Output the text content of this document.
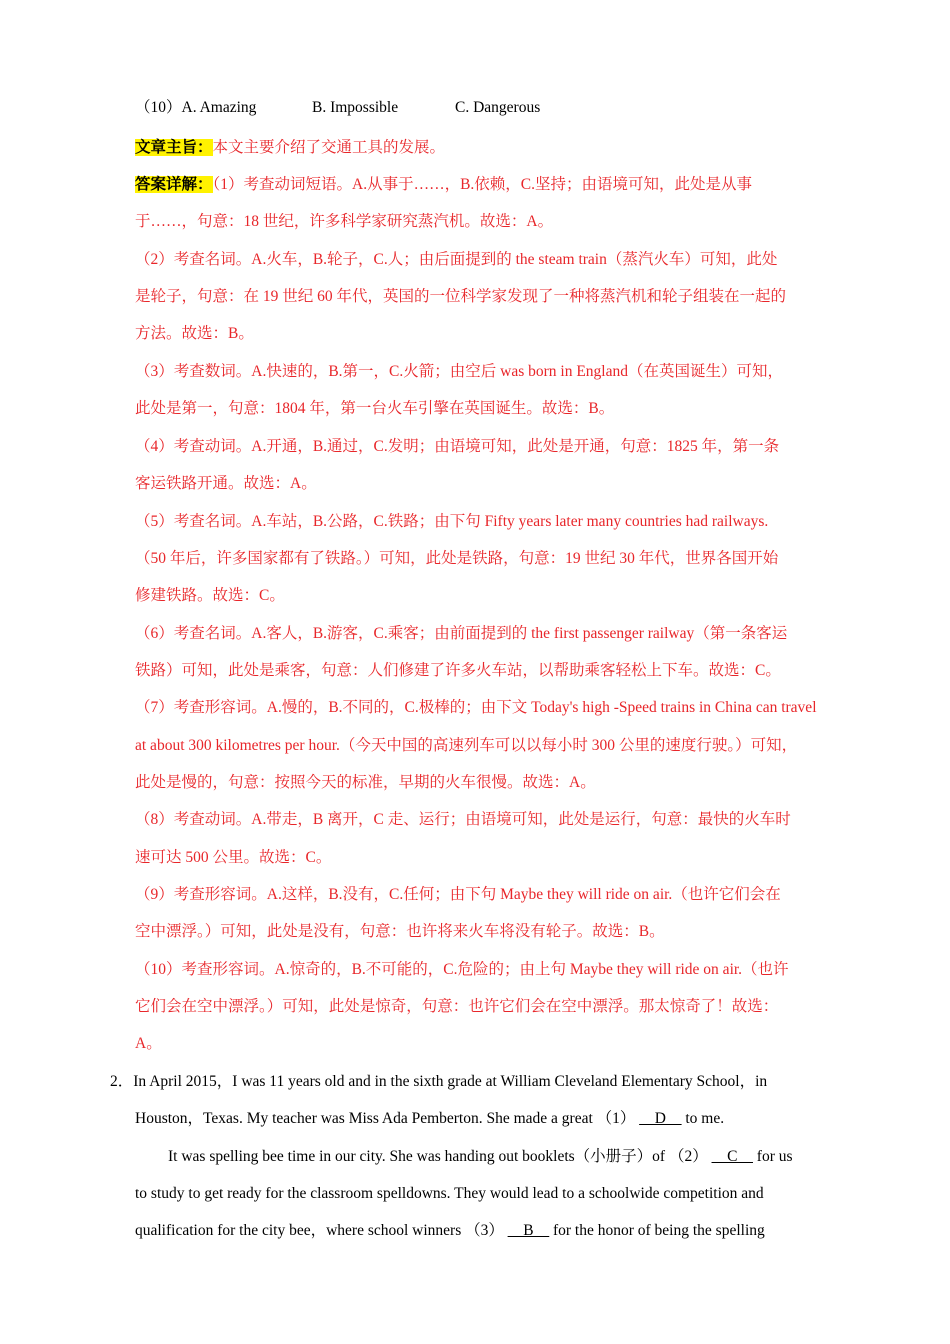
（10）A. Amazing	B. Impossible	C. Dangerous
文章主旨：本文主要介绍了交通工具的发展。
答案详解：（1）考查动词短语。A.从事于……，B.依赖，C.坚持；由语境可知，此处是从事
于……，句意：18 世纪，许多科学家研究蒸汽机。故选：A。
（2）考查名词。A.火车，B.轮子，C.人；由后面提到的 the steam train（蒸汽火车）可知，此处
是轮子，句意：在 19 世纪 60 年代，英国的一位科学家发现了一种将蒸汽机和轮子组装在一起的
方法。故选：B。
（3）考查数词。A.快速的，B.第一，C.火箭；由空后 was born in England（在英国诞生）可知，
此处是第一，句意：1804 年，第一台火车引擎在英国诞生。故选：B。
（4）考查动词。A.开通，B.通过，C.发明；由语境可知，此处是开通，句意：1825 年，第一条
客运铁路开通。故选：A。
（5）考查名词。A.车站，B.公路，C.铁路；由下句 Fifty years later many countries had railways.
（50 年后，许多国家都有了铁路。）可知，此处是铁路，句意：19 世纪 30 年代，世界各国开始
修建铁路。故选：C。
（6）考查名词。A.客人，B.游客，C.乘客；由前面提到的 the first passenger railway（第一条客运
铁路）可知，此处是乘客，句意：人们修建了许多火车站，以帮助乘客轻松上下车。故选：C。
（7）考查形容词。A.慢的，B.不同的，C.极棒的；由下文 Today's high -Speed trains in China can travel
at about 300 kilometres per hour.（今天中国的高速列车可以以每小时 300 公里的速度行驶。）可知，
此处是慢的，句意：按照今天的标准，早期的火车很慢。故选：A。
（8）考查动词。A.带走，B 离开，C 走、运行；由语境可知，此处是运行，句意：最快的火车时
速可达 500 公里。故选：C。
（9）考查形容词。A.这样，B.没有，C.任何；由下句 Maybe they will ride on air.（也许它们会在
空中漂浮。）可知，此处是没有，句意：也许将来火车将没有轮子。故选：B。
（10）考查形容词。A.惊奇的，B.不可能的，C.危险的；由上句 Maybe they will ride on air.（也许
它们会在空中漂浮。）可知，此处是惊奇，句意：也许它们会在空中漂浮。那太惊奇了！故选：
A。
2．In April 2015，I was 11 years old and in the sixth grade at William Cleveland Elementary School，in
Houston，Texas. My teacher was Miss Ada Pemberton. She made a great （1） __D__ to me.
It was spelling bee time in our city. She was handing out booklets（小册子）of （2） __C__ for us
to study to get ready for the classroom spelldowns. They would lead to a schoolwide competition and
qualification for the city bee，where school winners （3） __B__ for the honor of being the spelling
